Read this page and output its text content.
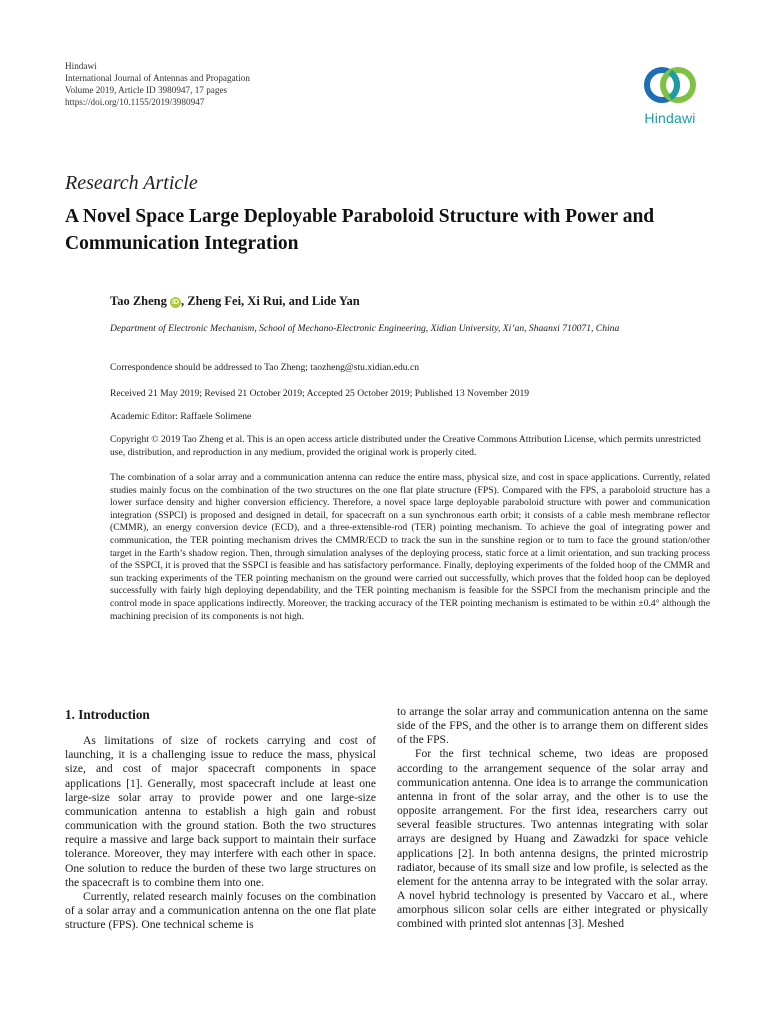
Hindawi
International Journal of Antennas and Propagation
Volume 2019, Article ID 3980947, 17 pages
https://doi.org/10.1155/2019/3980947
Hindawi
Research Article
A Novel Space Large Deployable Paraboloid Structure with Power and Communication Integration
Tao Zheng iD , Zheng Fei, Xi Rui, and Lide Yan
Department of Electronic Mechanism, School of Mechano-Electronic Engineering, Xidian University, Xi’an, Shaanxi 710071, China
Correspondence should be addressed to Tao Zheng; taozheng@stu.xidian.edu.cn
Received 21 May 2019; Revised 21 October 2019; Accepted 25 October 2019; Published 13 November 2019
Academic Editor: Raffaele Solimene
Copyright © 2019 Tao Zheng et al. This is an open access article distributed under the Creative Commons Attribution License, which permits unrestricted use, distribution, and reproduction in any medium, provided the original work is properly cited.

The combination of a solar array and a communication antenna can reduce the entire mass, physical size, and cost in space applications. Currently, related studies mainly focus on the combination of the two structures on the one flat plate structure (FPS). Compared with the FPS, a paraboloid structure has a lower surface density and higher conversion efficiency. Therefore, a novel space large deployable paraboloid structure with power and communication integration (SSPCI) is proposed and designed in detail, for spacecraft on a sun synchronous earth orbit; it consists of a cable mesh membrane reflector (CMMR), an energy conversion device (ECD), and a three-extensible-rod (TER) pointing mechanism. To achieve the goal of integrating power and communication, the TER pointing mechanism drives the CMMR/ECD to track the sun in the sunshine region or to turn to face the ground station/other target in the Earth’s shadow region. Then, through simulation analyses of the deploying process, static force at a limit orientation, and sun tracking process of the SSPCI, it is proved that the SSPCI is feasible and has satisfactory performance. Finally, deploying experiments of the folded hoop of the CMMR and sun tracking experiments of the TER pointing mechanism on the ground were carried out successfully, which proves that the folded hoop can be deployed successfully with fairly high deploying dependability, and the TER pointing mechanism is feasible for the SSPCI from the mechanism principle and the control mode in space applications indirectly. Moreover, the tracking accuracy of the TER pointing mechanism is estimated to be within ±0.4° although the machining precision of its components is not high.

1. Introduction

As limitations of size of rockets carrying and cost of launching, it is a challenging issue to reduce the mass, physical size, and cost of major spacecraft components in space applications [1]. Generally, most spacecraft include at least one large-size solar array to provide power and one large-size communication antenna to establish a high gain and robust communication with the ground station. Both the two structures require a massive and large back support to maintain their surface tolerance. Moreover, they may interfere with each other in space. One solution to reduce the burden of these two large structures on the spacecraft is to combine them into one.

Currently, related research mainly focuses on the combination of a solar array and a communication antenna on the one flat plate structure (FPS). One technical scheme is

to arrange the solar array and communication antenna on the same side of the FPS, and the other is to arrange them on different sides of the FPS.

For the first technical scheme, two ideas are proposed according to the arrangement sequence of the solar array and communication antenna. One idea is to arrange the communication antenna in front of the solar array, and the other is to use the opposite arrangement. For the first idea, researchers carry out several feasible structures. Two antennas integrating with solar arrays are designed by Huang and Zawadzki for space vehicle applications [2]. In both antenna designs, the printed microstrip radiator, because of its small size and low profile, is selected as the element for the antenna array to be integrated with the solar array. A novel hybrid technology is presented by Vaccaro et al., where amorphous silicon solar cells are either integrated or physically combined with printed slot antennas [3]. Meshed
